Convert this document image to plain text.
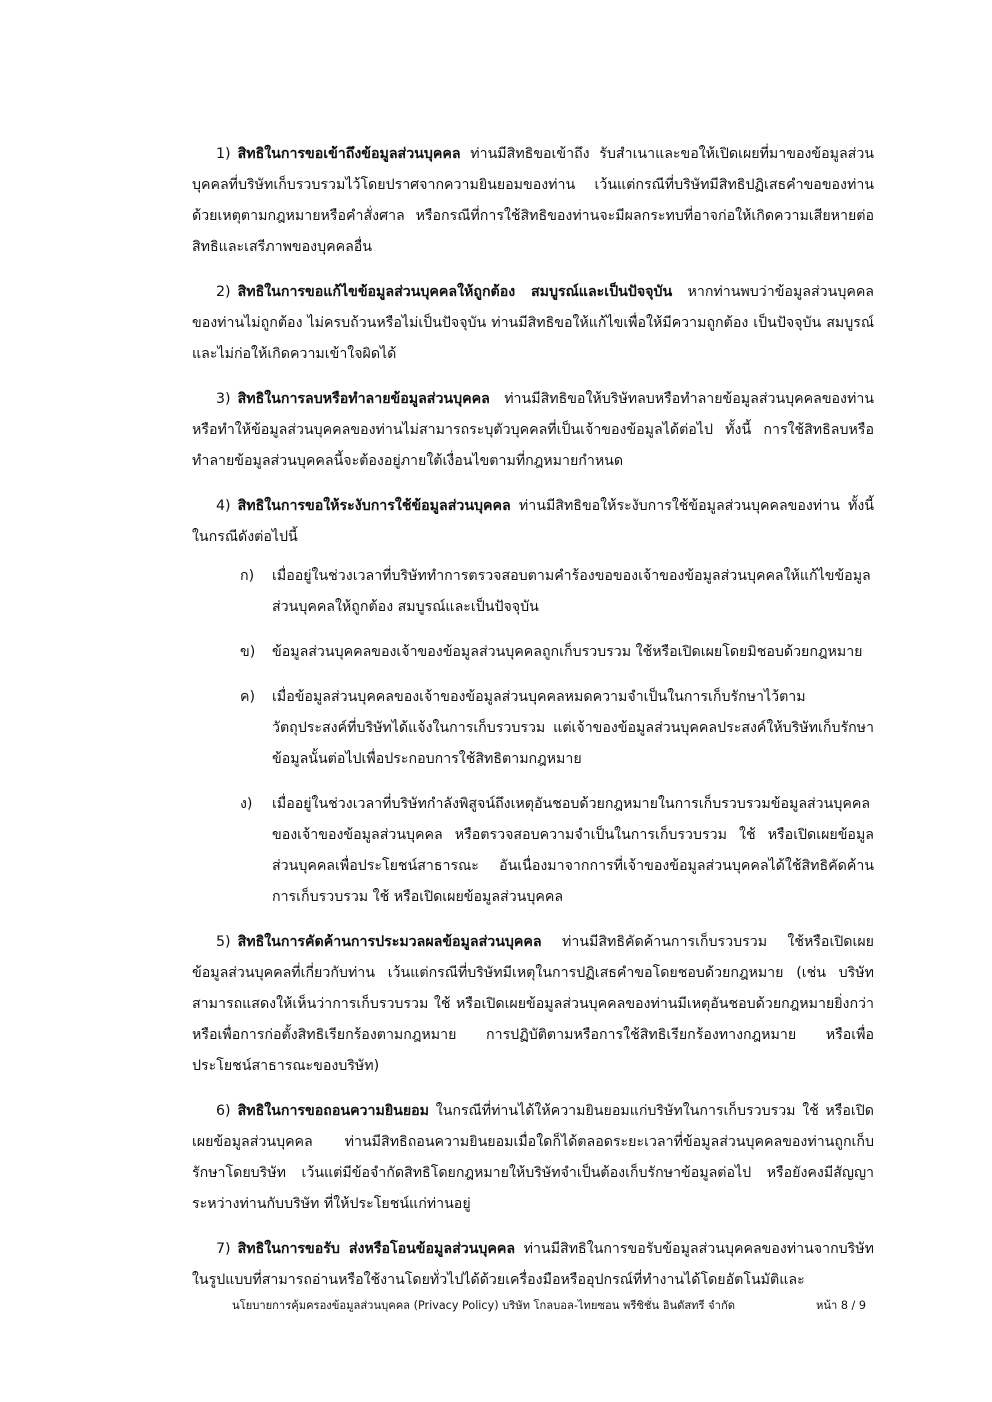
1) สิทธิในการขอเข้าถึงข้อมูลส่วนบุคคล ท่านมีสิทธิขอเข้าถึง รับสำเนาและขอให้เปิดเผยที่มาของข้อมูลส่วนบุคคลที่บริษัทเก็บรวบรวมไว้โดยปราศจากความยินยอมของท่าน เว้นแต่กรณีที่บริษัทมีสิทธิปฏิเสธคำขอของท่านด้วยเหตุตามกฎหมายหรือคำสั่งศาล หรือกรณีที่การใช้สิทธิของท่านจะมีผลกระทบที่อาจก่อให้เกิดความเสียหายต่อสิทธิและเสรีภาพของบุคคลอื่น

2) สิทธิในการขอแก้ไขข้อมูลส่วนบุคคลให้ถูกต้อง สมบูรณ์และเป็นปัจจุบัน หากท่านพบว่าข้อมูลส่วนบุคคลของท่านไม่ถูกต้อง ไม่ครบถ้วนหรือไม่เป็นปัจจุบัน ท่านมีสิทธิขอให้แก้ไขเพื่อให้มีความถูกต้อง เป็นปัจจุบัน สมบูรณ์ และไม่ก่อให้เกิดความเข้าใจผิดได้

3) สิทธิในการลบหรือทำลายข้อมูลส่วนบุคคล ท่านมีสิทธิขอให้บริษัทลบหรือทำลายข้อมูลส่วนบุคคลของท่าน หรือทำให้ข้อมูลส่วนบุคคลของท่านไม่สามารถระบุตัวบุคคลที่เป็นเจ้าของข้อมูลได้ต่อไป ทั้งนี้ การใช้สิทธิลบหรือทำลายข้อมูลส่วนบุคคลนี้จะต้องอยู่ภายใต้เงื่อนไขตามที่กฎหมายกำหนด

4) สิทธิในการขอให้ระงับการใช้ข้อมูลส่วนบุคคล ท่านมีสิทธิขอให้ระงับการใช้ข้อมูลส่วนบุคคลของท่าน ทั้งนี้ ในกรณีดังต่อไปนี้

ก) เมื่ออยู่ในช่วงเวลาที่บริษัททำการตรวจสอบตามคำร้องขอของเจ้าของข้อมูลส่วนบุคคลให้แก้ไขข้อมูลส่วนบุคคลให้ถูกต้อง สมบูรณ์และเป็นปัจจุบัน
ข) ข้อมูลส่วนบุคคลของเจ้าของข้อมูลส่วนบุคคลถูกเก็บรวบรวม ใช้หรือเปิดเผยโดยมิชอบด้วยกฎหมาย
ค) เมื่อข้อมูลส่วนบุคคลของเจ้าของข้อมูลส่วนบุคคลหมดความจำเป็นในการเก็บรักษาไว้ตามวัตถุประสงค์ที่บริษัทได้แจ้งในการเก็บรวบรวม แต่เจ้าของข้อมูลส่วนบุคคลประสงค์ให้บริษัทเก็บรักษาข้อมูลนั้นต่อไปเพื่อประกอบการใช้สิทธิตามกฎหมาย
ง) เมื่ออยู่ในช่วงเวลาที่บริษัทกำลังพิสูจน์ถึงเหตุอันชอบด้วยกฎหมายในการเก็บรวบรวมข้อมูลส่วนบุคคลของเจ้าของข้อมูลส่วนบุคคล หรือตรวจสอบความจำเป็นในการเก็บรวบรวม ใช้ หรือเปิดเผยข้อมูลส่วนบุคคลเพื่อประโยชน์สาธารณะ อันเนื่องมาจากการที่เจ้าของข้อมูลส่วนบุคคลได้ใช้สิทธิคัดค้านการเก็บรวบรวม ใช้ หรือเปิดเผยข้อมูลส่วนบุคคล

5) สิทธิในการคัดค้านการประมวลผลข้อมูลส่วนบุคคล ท่านมีสิทธิคัดค้านการเก็บรวบรวม ใช้หรือเปิดเผยข้อมูลส่วนบุคคลที่เกี่ยวกับท่าน เว้นแต่กรณีที่บริษัทมีเหตุในการปฏิเสธคำขอโดยชอบด้วยกฎหมาย (เช่น บริษัทสามารถแสดงให้เห็นว่าการเก็บรวบรวม ใช้ หรือเปิดเผยข้อมูลส่วนบุคคลของท่านมีเหตุอันชอบด้วยกฎหมายยิ่งกว่า หรือเพื่อการก่อตั้งสิทธิเรียกร้องตามกฎหมาย การปฏิบัติตามหรือการใช้สิทธิเรียกร้องทางกฎหมาย หรือเพื่อประโยชน์สาธารณะของบริษัท)

6) สิทธิในการขอถอนความยินยอม ในกรณีที่ท่านได้ให้ความยินยอมแก่บริษัทในการเก็บรวบรวม ใช้ หรือเปิดเผยข้อมูลส่วนบุคคล ท่านมีสิทธิถอนความยินยอมเมื่อใดก็ได้ตลอดระยะเวลาที่ข้อมูลส่วนบุคคลของท่านถูกเก็บรักษาโดยบริษัท เว้นแต่มีข้อจำกัดสิทธิโดยกฎหมายให้บริษัทจำเป็นต้องเก็บรักษาข้อมูลต่อไป หรือยังคงมีสัญญาระหว่างท่านกับบริษัท ที่ให้ประโยชน์แก่ท่านอยู่

7) สิทธิในการขอรับ ส่งหรือโอนข้อมูลส่วนบุคคล ท่านมีสิทธิในการขอรับข้อมูลส่วนบุคคลของท่านจากบริษัทในรูปแบบที่สามารถอ่านหรือใช้งานโดยทั่วไปได้ด้วยเครื่องมือหรืออุปกรณ์ที่ทำงานได้โดยอัตโนมัติและ

นโยบายการคุ้มครองข้อมูลส่วนบุคคล (Privacy Policy) บริษัท โกลบอล-ไทยซอน พรีซิชั่น อินดัสทรี จำกัด	หน้า 8 / 9
